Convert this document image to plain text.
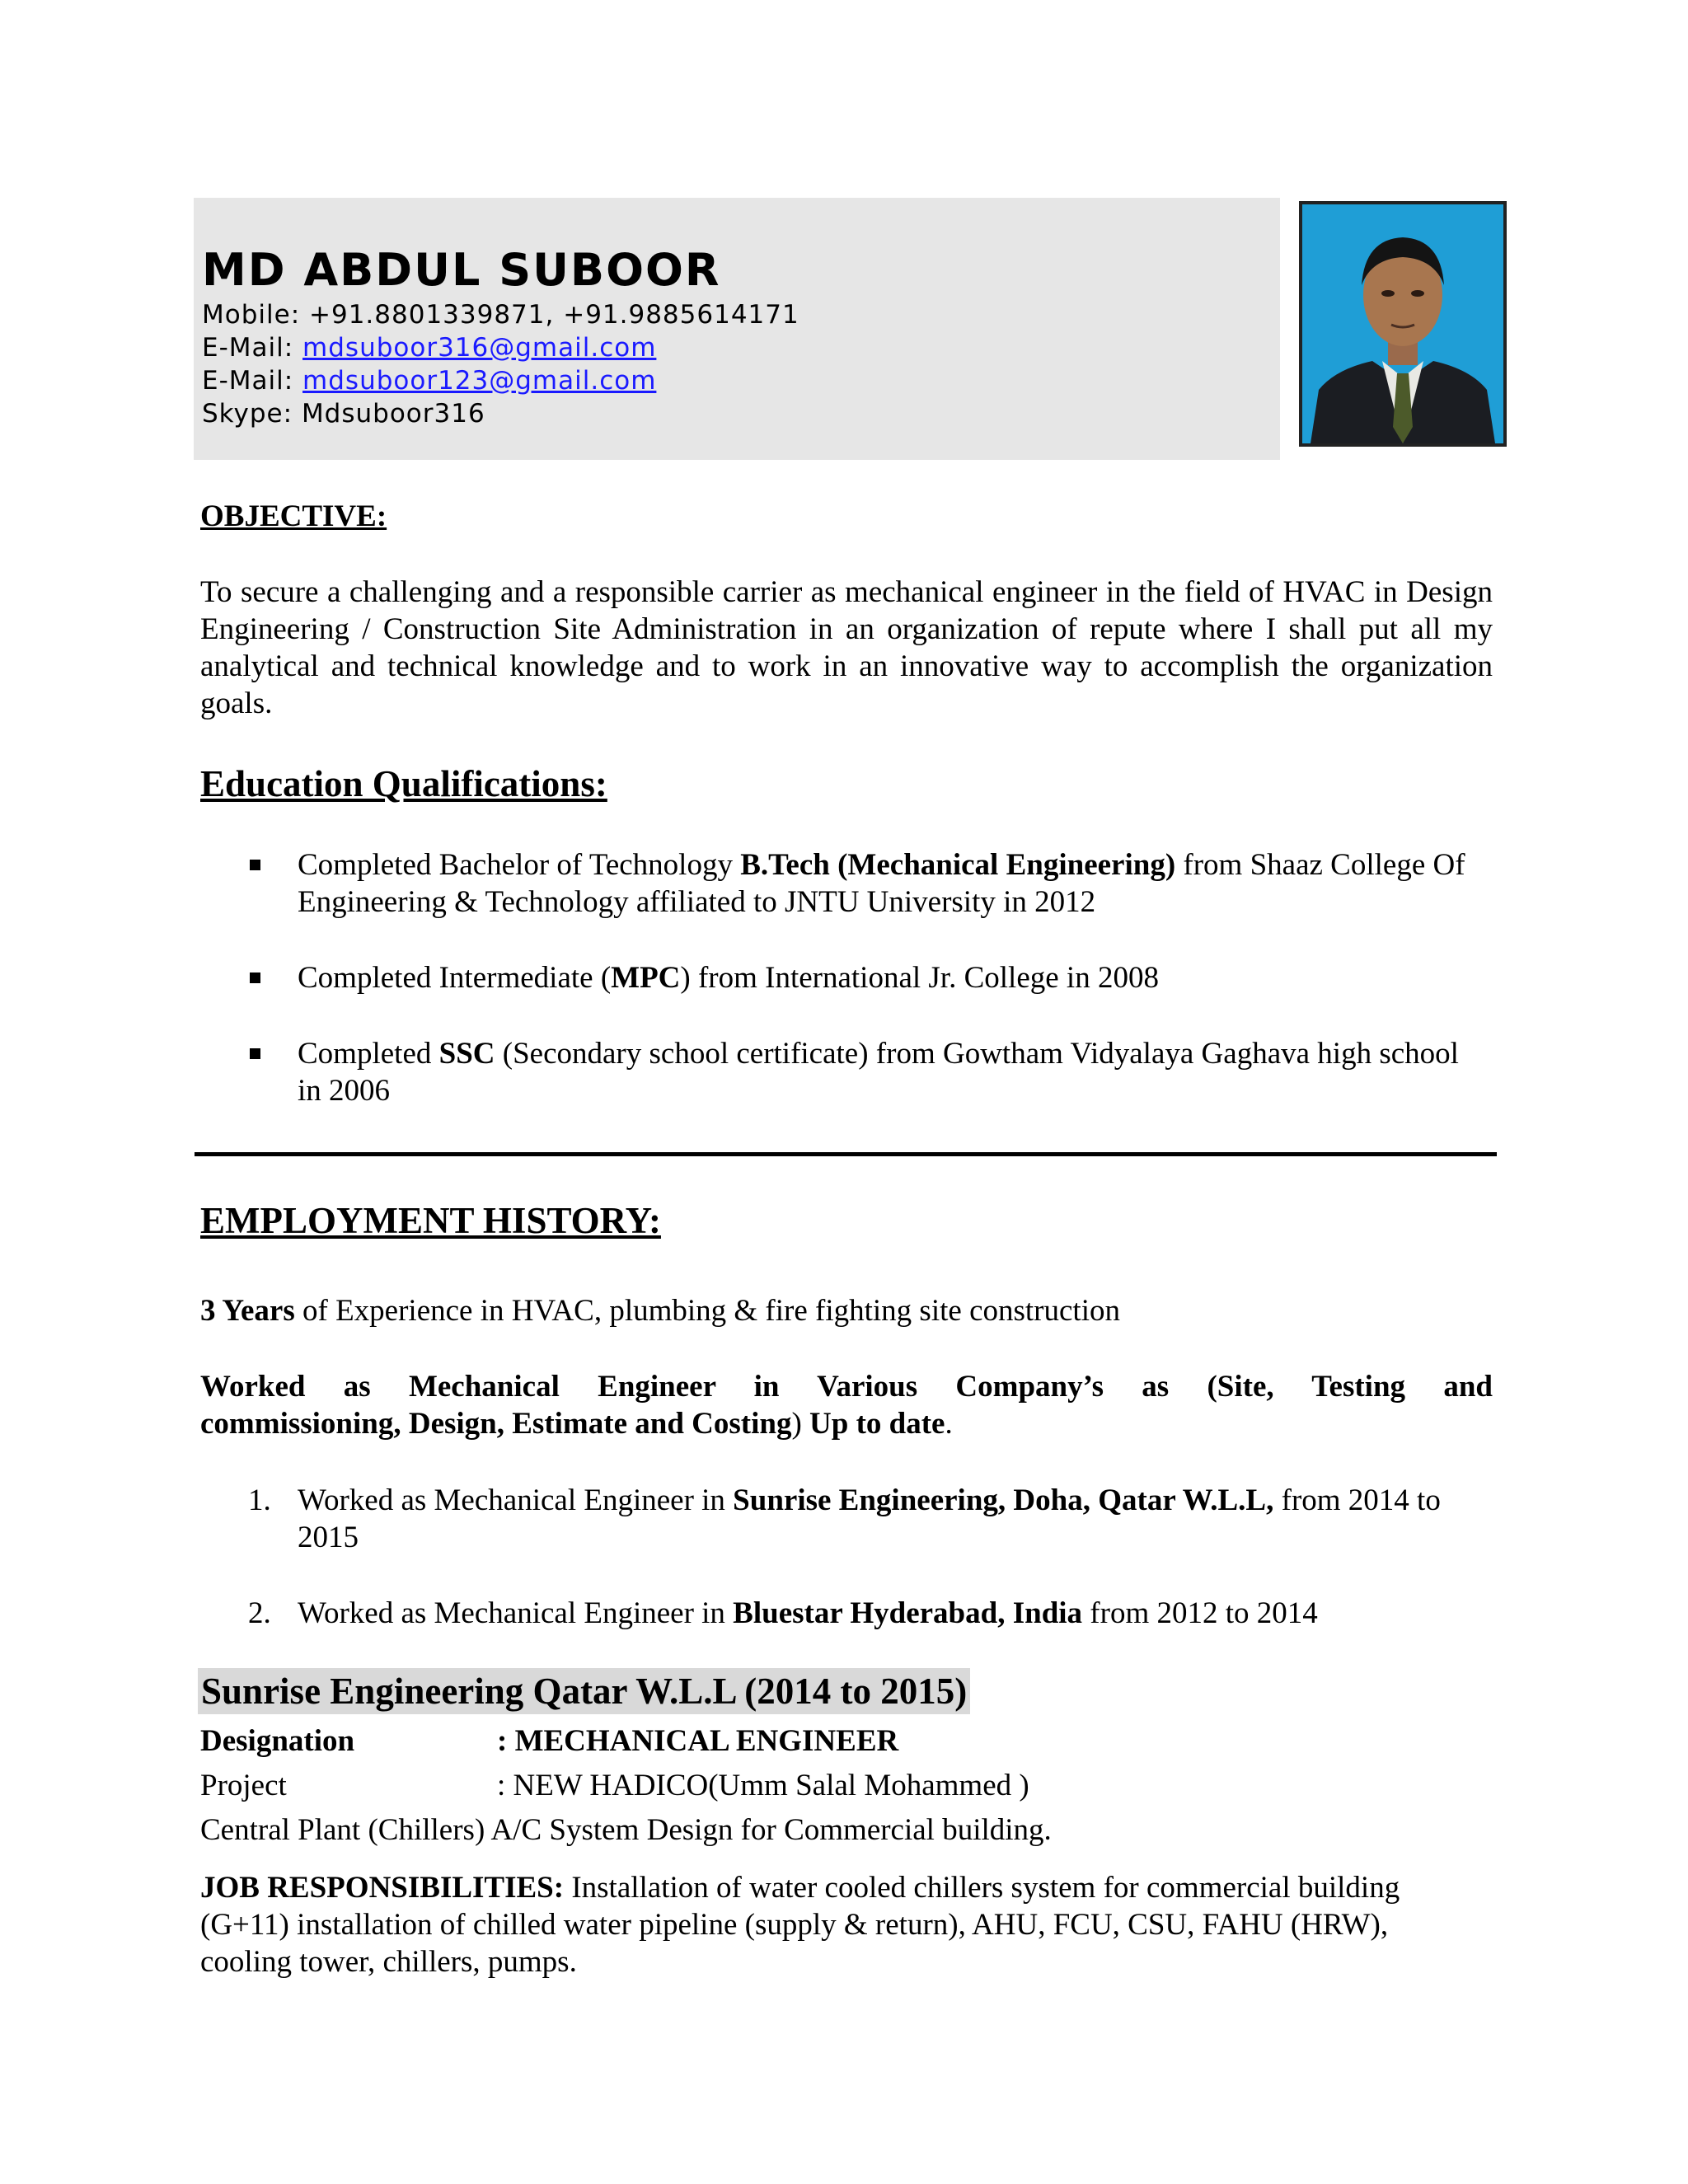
MD ABDUL SUBOOR
Mobile: +91.8801339871, +91.9885614171
E-Mail: mdsuboor316@gmail.com
E-Mail: mdsuboor123@gmail.com
Skype: Mdsuboor316
OBJECTIVE:
To secure a challenging and a responsible carrier as mechanical engineer in the field of HVAC in Design Engineering / Construction Site Administration in an organization of repute where I shall put all my analytical and technical knowledge and to work in an innovative way to accomplish the organization goals.
Education Qualifications:
Completed Bachelor of Technology B.Tech (Mechanical Engineering) from Shaaz College Of Engineering & Technology affiliated to JNTU University in 2012
Completed Intermediate (MPC) from International Jr. College in 2008
Completed SSC (Secondary school certificate) from Gowtham Vidyalaya Gaghava high school in 2006
EMPLOYMENT HISTORY:
3 Years of Experience in HVAC, plumbing & fire fighting site construction
Worked as Mechanical Engineer in Various Company’s as (Site, Testing and
commissioning, Design, Estimate and Costing) Up to date.
1. Worked as Mechanical Engineer in Sunrise Engineering, Doha, Qatar W.L.L, from 2014 to 2015
2. Worked as Mechanical Engineer in Bluestar Hyderabad, India from 2012 to 2014
Sunrise Engineering Qatar W.L.L (2014 to 2015)
Designation	: MECHANICAL ENGINEER
Project	: NEW HADICO(Umm Salal Mohammed )
Central Plant (Chillers) A/C System Design for Commercial building.
JOB RESPONSIBILITIES: Installation of water cooled chillers system for commercial building (G+11) installation of chilled water pipeline (supply & return), AHU, FCU, CSU, FAHU (HRW), cooling tower, chillers, pumps.
